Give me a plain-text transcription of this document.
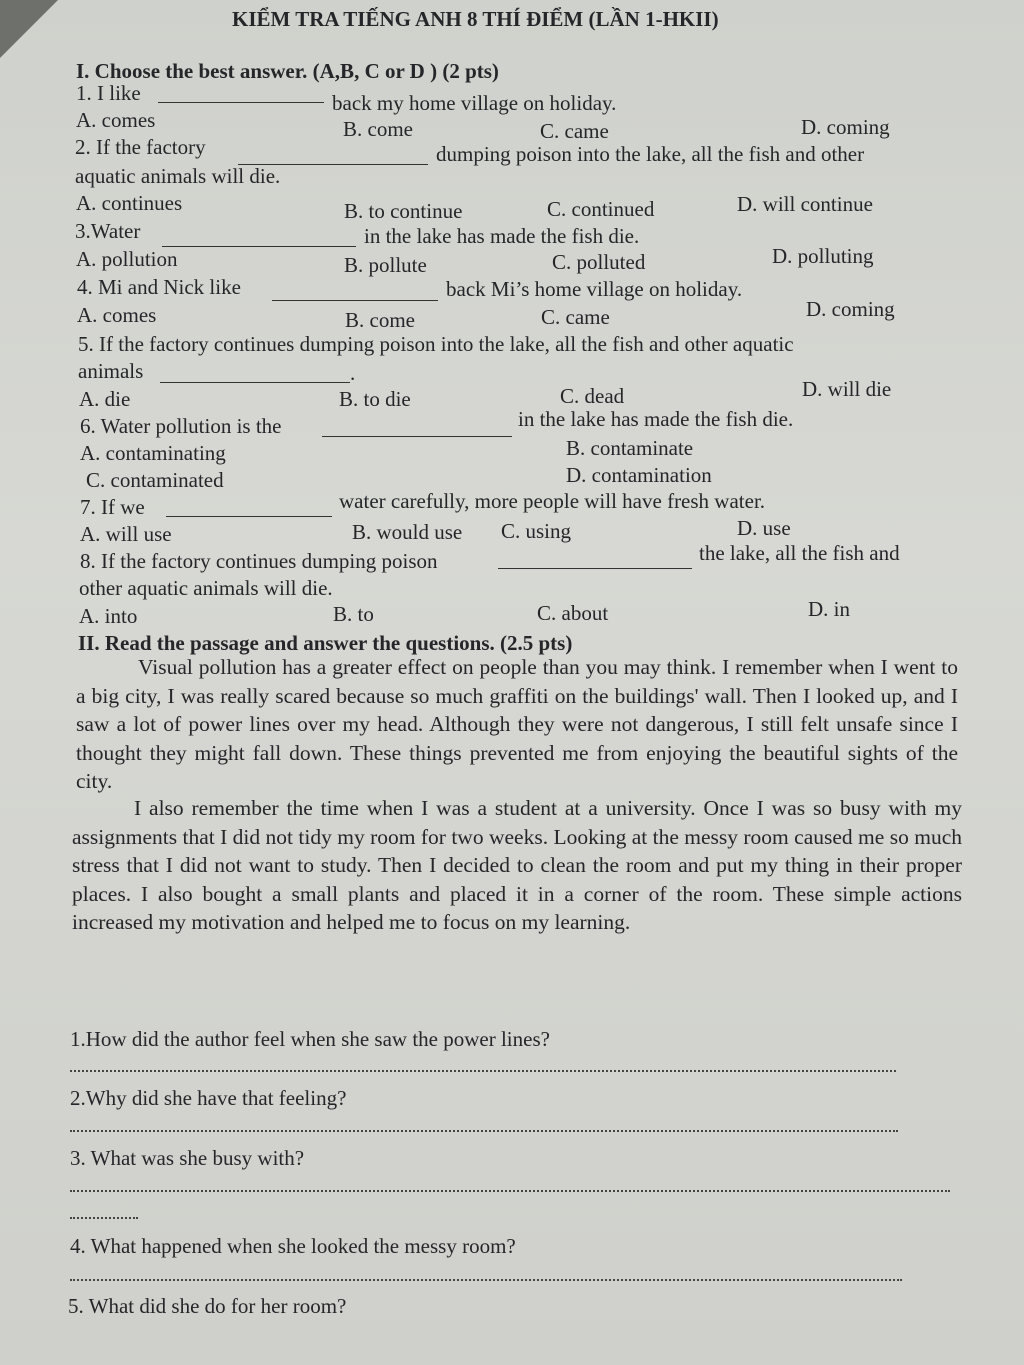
KIỂM TRA TIẾNG ANH 8 THÍ ĐIỂM (LẦN 1-HKII)
I. Choose the best answer. (A,B, C or D ) (2 pts)
1. I like	back my home village on holiday.
A. comes	B. come	C. came	D. coming
2. If the factory	dumping poison into the lake, all the fish and other
aquatic animals will die.
A. continues	B. to continue	C. continued	D. will continue
3.Water	in the lake has made the fish die.
A. pollution	B. pollute	C. polluted	D. polluting
4. Mi and Nick like	back Mi’s home village on holiday.
A. comes	B. come	C. came	D. coming
5. If the factory continues dumping poison into the lake, all the fish and other aquatic
animals	.
A. die	B. to die	C. dead	D. will die
6. Water pollution is the	in the lake has made the fish die.
A. contaminating	B. contaminate
C. contaminated	D. contamination
7. If we	water carefully, more people will have fresh water.
A. will use	B. would use C. using	D. use
8. If the factory continues dumping poison	the lake, all the fish and
other aquatic animals will die.
A. into	B. to	C. about	D. in
II. Read the passage and answer the questions. (2.5 pts)
Visual pollution has a greater effect on people than you may think. I remember when I went to a big city, I was really scared because so much graffiti on the buildings' wall. Then I looked up, and I saw a lot of power lines over my head. Although they were not dangerous, I still felt unsafe since I thought they might fall down. These things prevented me from enjoying the beautiful sights of the city.
I also remember the time when I was a student at a university. Once I was so busy with my assignments that I did not tidy my room for two weeks. Looking at the messy room caused me so much stress that I did not want to study. Then I decided to clean the room and put my thing in their proper places. I also bought a small plants and placed it in a corner of the room. These simple actions increased my motivation and helped me to focus on my learning.
1.How did the author feel when she saw the power lines?
2.Why did she have that feeling?
3. What was she busy with?
4. What happened when she looked the messy room?
5. What did she do for her room?
